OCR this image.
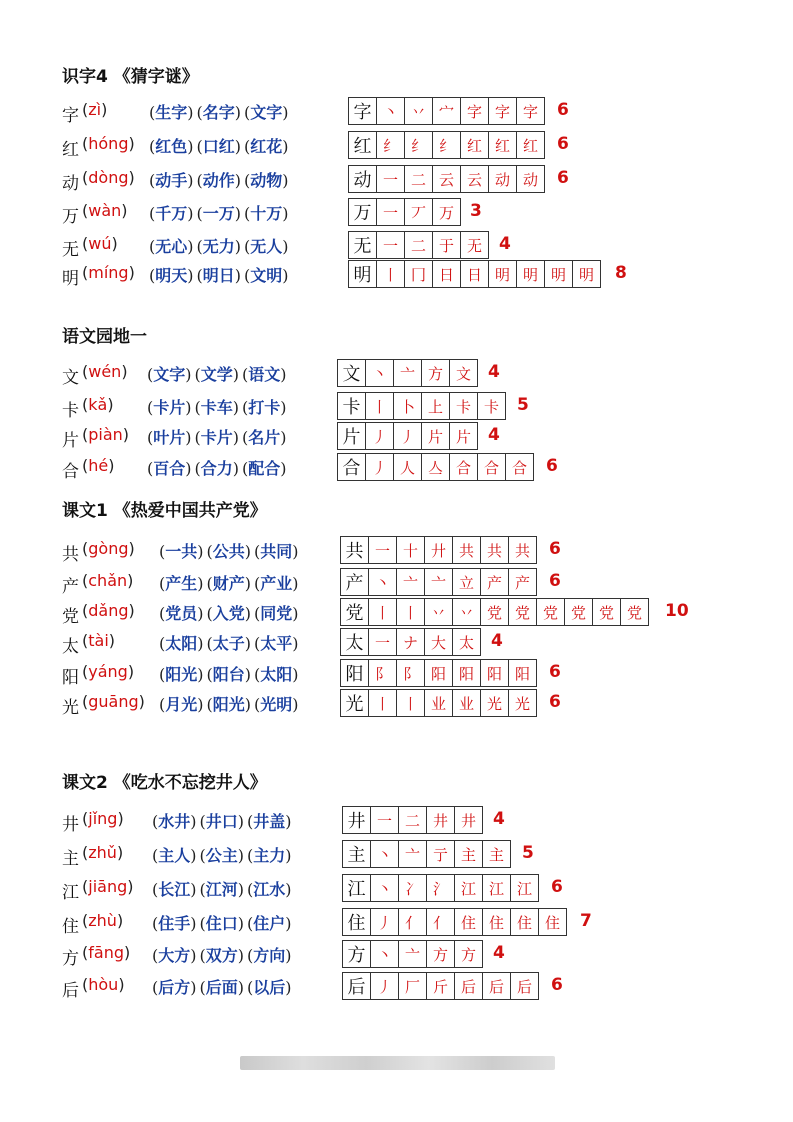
识字4 《猜字谜》
字 (zì)	(生字) (名字) (文字)	字 丶 丷 宀 字 字 字 6
红 (hóng) (红色) (口红) (红花)	红 纟 纟 纟 红 红 红 6
动 (dòng) (动手) (动作) (动物)	动 一 二 云 云 动 动 6
万 (wàn) (千万) (一万) (十万)	万 一 丆 万 3
无 (wú) (无心) (无力) (无人)	无 一 二 于 无 4
明 (míng) (明天) (明日) (文明)	明 丨 冂 日 日 明 明 明 明 8
语文园地一
文 (wén) (文字) (文学) (语文)	文 丶 亠 方 文 4
卡 (kǎ) (卡片) (卡车) (打卡)	卡 丨 卜 上 卡 卡 5
片 (piàn) (叶片) (卡片) (名片)	片 丿 丿 片 片 4
合 (hé) (百合) (合力) (配合)	合 丿 人 亼 合 合 合 6
课文1 《热爱中国共产党》
共 (gòng) (一共) (公共) (共同)	共 一 十 廾 共 共 共 6
产 (chǎn) (产生) (财产) (产业)	产 丶 亠 亠 立 产 产 6
党 (dǎng) (党员) (入党) (同党)	党 丨 丨 丷 丷 党 党 党 党 党 党 10
太 (tài)	(太阳) (太子) (太平)	太 一 ナ 大 太 4
阳 (yáng) (阳光) (阳台) (太阳)	阳 阝 阝 阳 阳 阳 阳 6
光 (guāng) (月光) (阳光) (光明)	光 丨 丨 业 业 光 光 6
课文2 《吃水不忘挖井人》
井 (jǐng) (水井) (井口) (井盖)	井 一 二 井 井 4
主 (zhǔ) (主人) (公主) (主力)	主 丶 亠 亍 主 主 5
江 (jiāng) (长江) (江河) (江水)	江 丶 冫 氵 江 江 江 6
住 (zhù) (住手) (住口) (住户)	住 丿 亻 亻 住 住 住 住 7
方 (fāng) (大方) (双方) (方向)	方 丶 亠 方 方 4
后 (hòu) (后方) (后面) (以后)	后 丿 厂 斤 后 后 后 6
